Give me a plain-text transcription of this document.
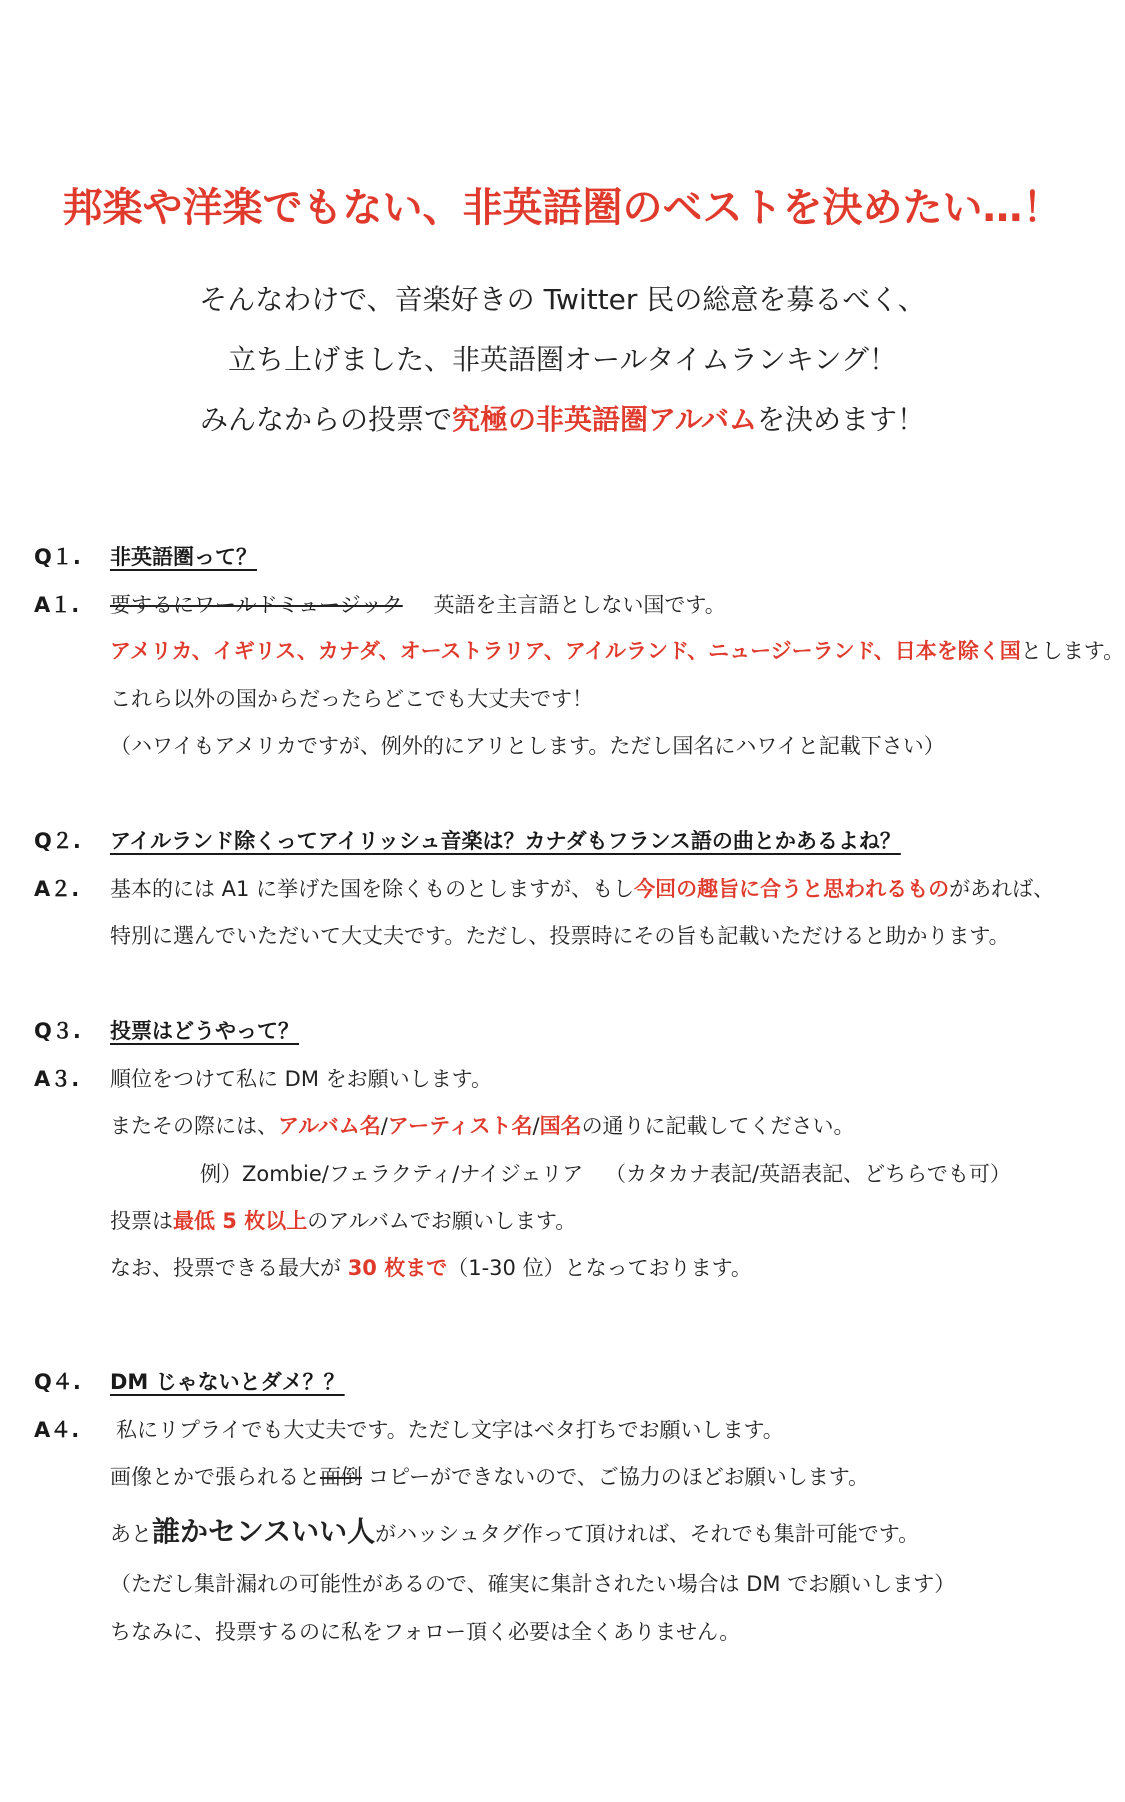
邦楽や洋楽でもない、非英語圏のベストを決めたい…！
そんなわけで、音楽好きの Twitter 民の総意を募るべく、
立ち上げました、非英語圏オールタイムランキング！
みんなからの投票で究極の非英語圏アルバムを決めます！
Q１. 非英語圏って？
A１. 要するにワールドミュージック 英語を主言語としない国です。
アメリカ、イギリス、カナダ、オーストラリア、アイルランド、ニュージーランド、日本を除く国とします。
これら以外の国からだったらどこでも大丈夫です！
（ハワイもアメリカですが、例外的にアリとします。ただし国名にハワイと記載下さい）
Q２. アイルランド除くってアイリッシュ音楽は？カナダもフランス語の曲とかあるよね？
A２. 基本的には A1 に挙げた国を除くものとしますが、もし今回の趣旨に合うと思われるものがあれば、
特別に選んでいただいて大丈夫です。ただし、投票時にその旨も記載いただけると助かります。
Q３. 投票はどうやって？
A３. 順位をつけて私に DM をお願いします。
またその際には、アルバム名/アーティスト名/国名の通りに記載してください。
例）Zombie/フェラクティ/ナイジェリア （カタカナ表記/英語表記、どちらでも可）
投票は最低 5 枚以上のアルバムでお願いします。
なお、投票できる最大が 30 枚まで（1-30 位）となっております。
Q４. DM じゃないとダメ？？
A４. 私にリプライでも大丈夫です。ただし文字はベタ打ちでお願いします。
画像とかで張られると面倒 コピーができないので、ご協力のほどお願いします。
あと誰かセンスいい人がハッシュタグ作って頂ければ、それでも集計可能です。
（ただし集計漏れの可能性があるので、確実に集計されたい場合は DM でお願いします）
ちなみに、投票するのに私をフォロー頂く必要は全くありません。
